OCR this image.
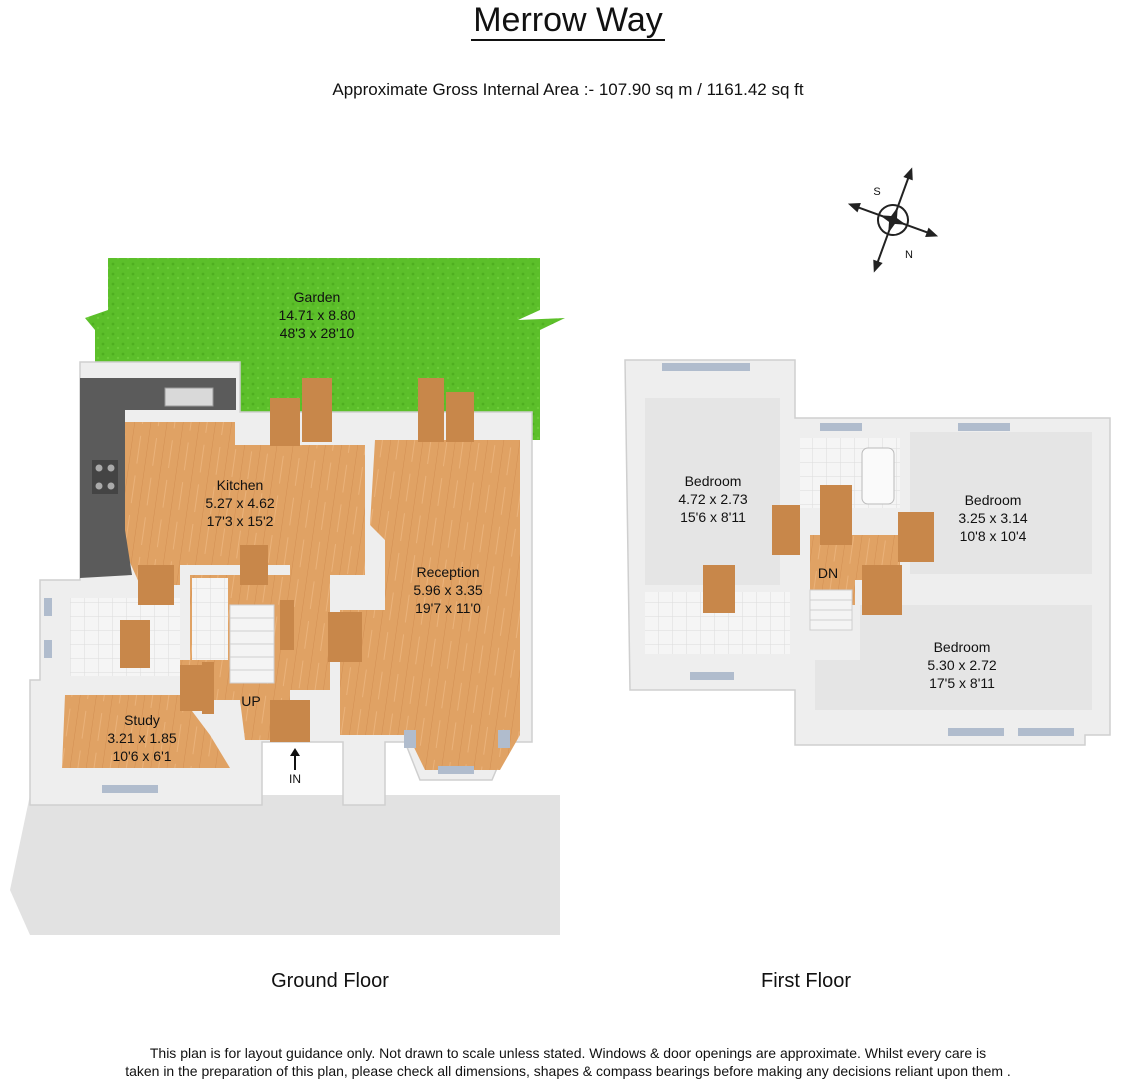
Merrow Way
Approximate Gross Internal Area :- 107.90 sq m / 1161.42 sq ft
S
N
Garden
14.71 x 8.80
48'3 x 28'10
Kitchen
5.27 x 4.62
17'3 x 15'2
Reception
5.96 x 3.35
19'7 x 11'0
Study
3.21 x 1.85
10'6 x 6'1
UP
IN
Bedroom
4.72 x 2.73
15'6 x 8'11
Bedroom
3.25 x 3.14
10'8 x 10'4
Bedroom
5.30 x 2.72
17'5 x 8'11
DN
Ground Floor	First Floor
This plan is for layout guidance only. Not drawn to scale unless stated. Windows & door openings are approximate. Whilst every care is
taken in the preparation of this plan, please check all dimensions, shapes & compass bearings before making any decisions reliant upon them .
